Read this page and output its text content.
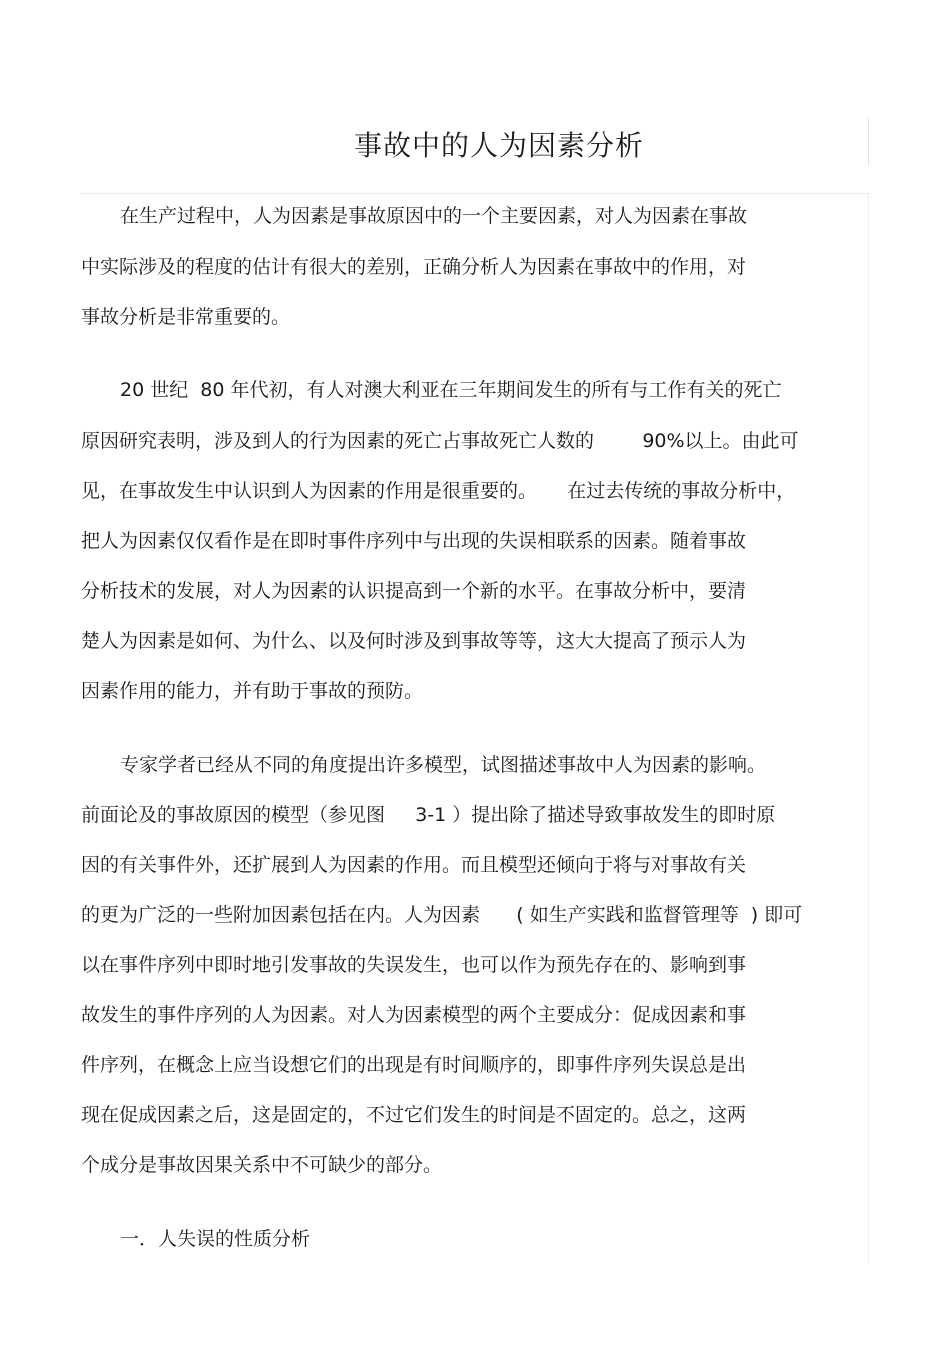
事故中的人为因素分析

在生产过程中，人为因素是事故原因中的一个主要因素，对人为因素在事故

中实际涉及的程度的估计有很大的差别，正确分析人为因素在事故中的作用，对

事故分析是非常重要的。

20 世纪  80 年代初，有人对澳大利亚在三年期间发生的所有与工作有关的死亡

原因研究表明，涉及到人的行为因素的死亡占事故死亡人数的        90%以上。由此可

见，在事故发生中认识到人为因素的作用是很重要的。     在过去传统的事故分析中，

把人为因素仅仅看作是在即时事件序列中与出现的失误相联系的因素。随着事故

分析技术的发展，对人为因素的认识提高到一个新的水平。在事故分析中，要清

楚人为因素是如何、为什么、以及何时涉及到事故等等，这大大提高了预示人为

因素作用的能力，并有助于事故的预防。

专家学者已经从不同的角度提出许多模型，试图描述事故中人为因素的影响。

前面论及的事故原因的模型（参见图     3-1 ）提出除了描述导致事故发生的即时原

因的有关事件外，还扩展到人为因素的作用。而且模型还倾向于将与对事故有关

的更为广泛的一些附加因素包括在内。人为因素      ( 如生产实践和监督管理等  ) 即可

以在事件序列中即时地引发事故的失误发生，也可以作为预先存在的、影响到事

故发生的事件序列的人为因素。对人为因素模型的两个主要成分：促成因素和事

件序列，在概念上应当设想它们的出现是有时间顺序的，即事件序列失误总是出

现在促成因素之后，这是固定的，不过它们发生的时间是不固定的。总之，这两

个成分是事故因果关系中不可缺少的部分。

一．人失误的性质分析
